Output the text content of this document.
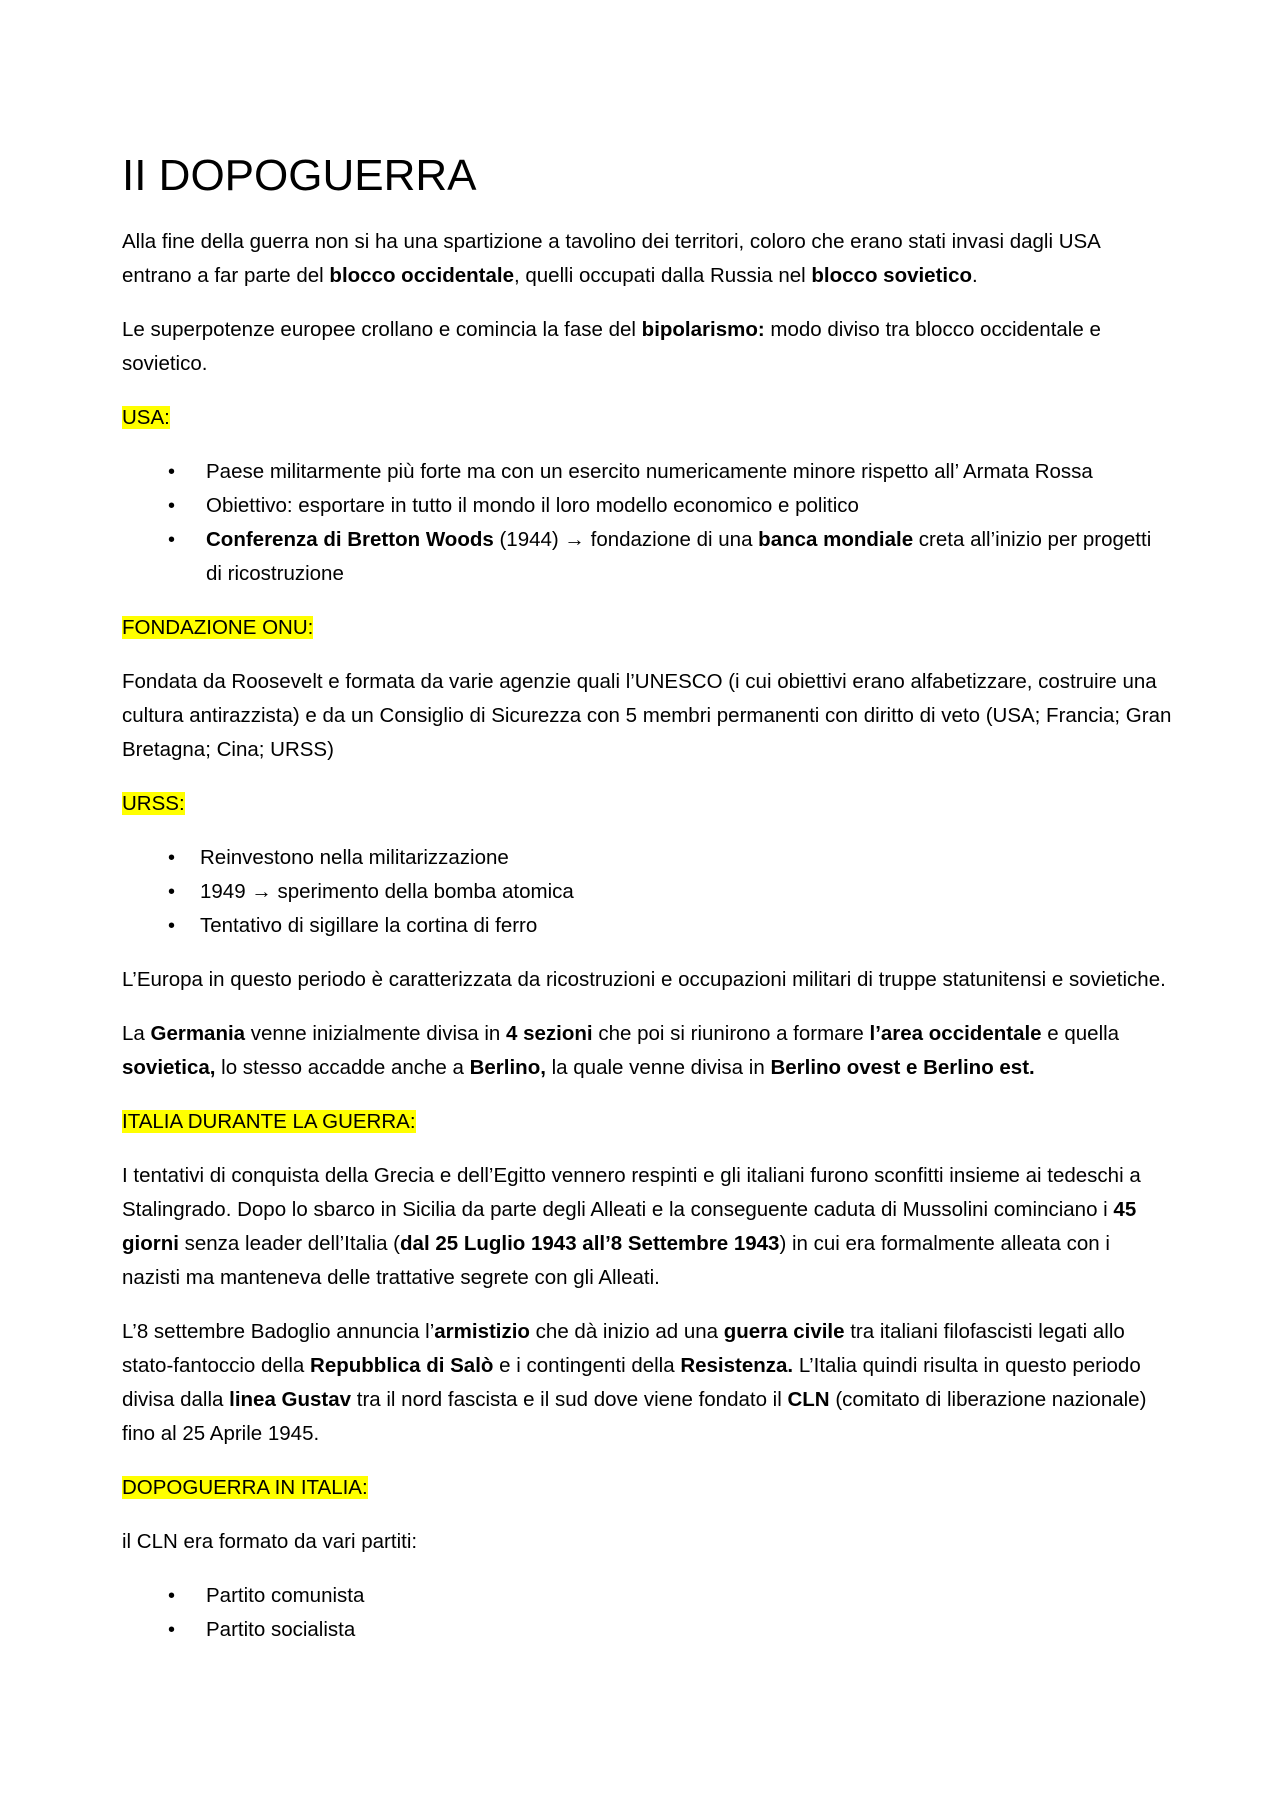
II DOPOGUERRA

Alla fine della guerra non si ha una spartizione a tavolino dei territori, coloro che erano stati invasi dagli USA entrano a far parte del blocco occidentale, quelli occupati dalla Russia nel blocco sovietico.

Le superpotenze europee crollano e comincia la fase del bipolarismo: modo diviso tra blocco occidentale e sovietico.

USA:

• Paese militarmente più forte ma con un esercito numericamente minore rispetto all’ Armata Rossa
• Obiettivo: esportare in tutto il mondo il loro modello economico e politico
• Conferenza di Bretton Woods (1944) → fondazione di una banca mondiale creta all’inizio per progetti di ricostruzione

FONDAZIONE ONU:

Fondata da Roosevelt e formata da varie agenzie quali l’UNESCO (i cui obiettivi erano alfabetizzare, costruire una cultura antirazzista) e da un Consiglio di Sicurezza con 5 membri permanenti con diritto di veto (USA; Francia; Gran Bretagna; Cina; URSS)

URSS:

• Reinvestono nella militarizzazione
• 1949 → sperimento della bomba atomica
• Tentativo di sigillare la cortina di ferro

L’Europa in questo periodo è caratterizzata da ricostruzioni e occupazioni militari di truppe statunitensi e sovietiche.

La Germania venne inizialmente divisa in 4 sezioni che poi si riunirono a formare l’area occidentale e quella sovietica, lo stesso accadde anche a Berlino, la quale venne divisa in Berlino ovest e Berlino est.

ITALIA DURANTE LA GUERRA:

I tentativi di conquista della Grecia e dell’Egitto vennero respinti e gli italiani furono sconfitti insieme ai tedeschi a Stalingrado. Dopo lo sbarco in Sicilia da parte degli Alleati e la conseguente caduta di Mussolini cominciano i 45 giorni senza leader dell’Italia (dal 25 Luglio 1943 all’8 Settembre 1943) in cui era formalmente alleata con i nazisti ma manteneva delle trattative segrete con gli Alleati.

L’8 settembre Badoglio annuncia l’armistizio che dà inizio ad una guerra civile tra italiani filofascisti legati allo stato-fantoccio della Repubblica di Salò e i contingenti della Resistenza. L’Italia quindi risulta in questo periodo divisa dalla linea Gustav tra il nord fascista e il sud dove viene fondato il CLN (comitato di liberazione nazionale) fino al 25 Aprile 1945.

DOPOGUERRA IN ITALIA:

il CLN era formato da vari partiti:

• Partito comunista
• Partito socialista
